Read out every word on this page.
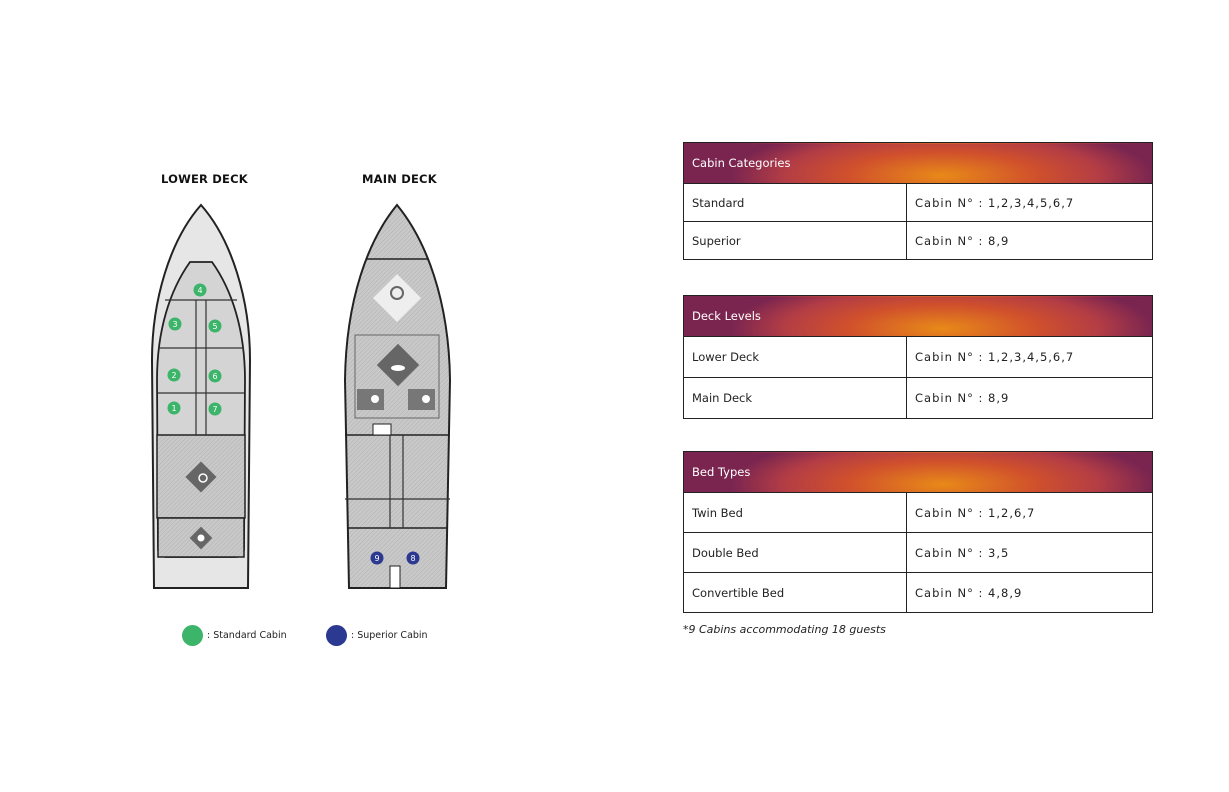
LOWER DECK	MAIN DECK
4
3	5
2	6
1	7
9	8
: Standard Cabin	: Superior Cabin
Cabin Categories	
Standard	Cabin N° : 1,2,3,4,5,6,7
Superior	Cabin N° : 8,9
Deck Levels	
Lower Deck	Cabin N° : 1,2,3,4,5,6,7
Main Deck	Cabin N° : 8,9
Bed Types	
Twin Bed	Cabin N° : 1,2,6,7
Double Bed	Cabin N° : 3,5
Convertible Bed	Cabin N° : 4,8,9
*9 Cabins accommodating 18 guests
